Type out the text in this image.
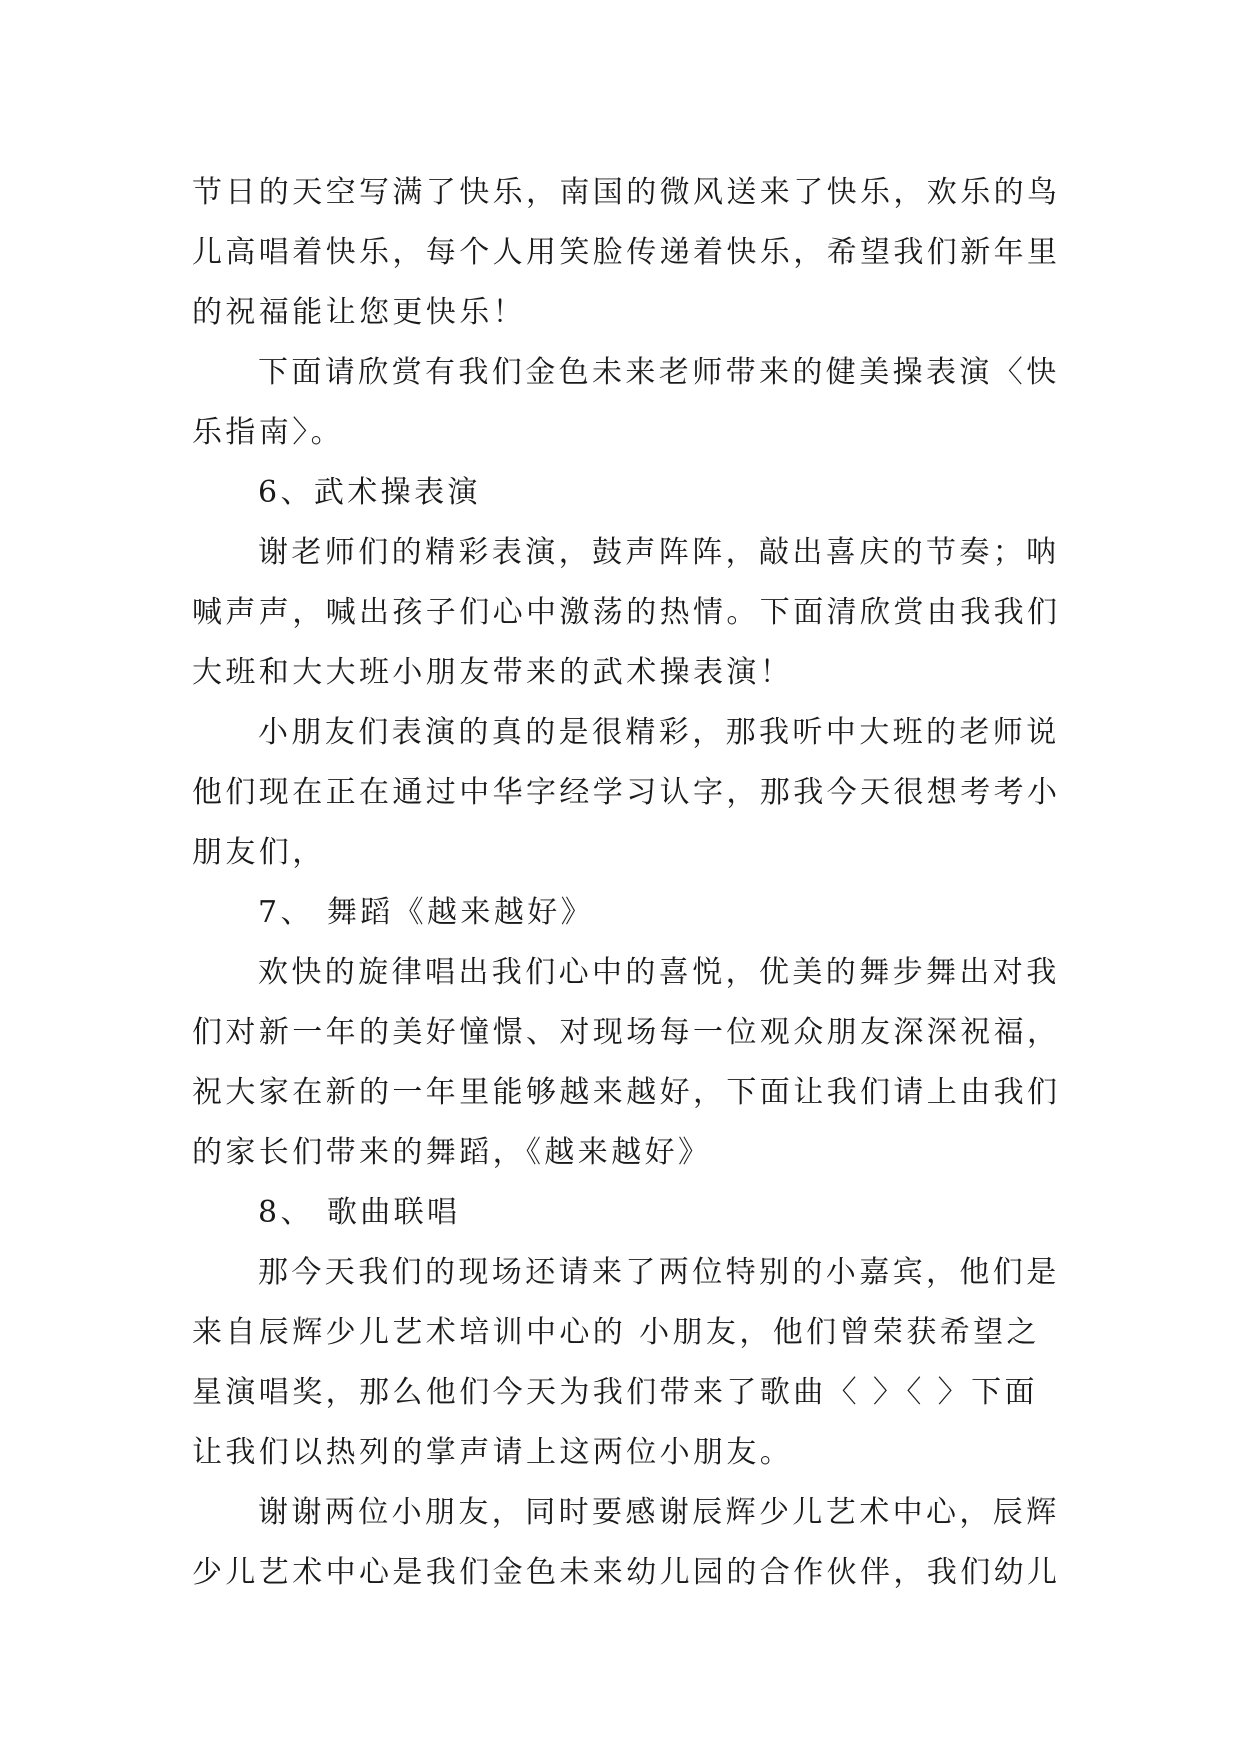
节日的天空写满了快乐，南国的微风送来了快乐，欢乐的鸟
儿高唱着快乐，每个人用笑脸传递着快乐，希望我们新年里
的祝福能让您更快乐！
下面请欣赏有我们金色未来老师带来的健美操表演〈快
乐指南〉。
6、武术操表演
谢老师们的精彩表演，鼓声阵阵，敲出喜庆的节奏；呐
喊声声，喊出孩子们心中激荡的热情。下面清欣赏由我我们
大班和大大班小朋友带来的武术操表演！
小朋友们表演的真的是很精彩，那我听中大班的老师说
他们现在正在通过中华字经学习认字，那我今天很想考考小
朋友们，
7、 舞蹈《越来越好》
欢快的旋律唱出我们心中的喜悦，优美的舞步舞出对我
们对新一年的美好憧憬、对现场每一位观众朋友深深祝福，
祝大家在新的一年里能够越来越好，下面让我们请上由我们
的家长们带来的舞蹈，《越来越好》
8、 歌曲联唱
那今天我们的现场还请来了两位特别的小嘉宾，他们是
来自辰辉少儿艺术培训中心的 小朋友，他们曾荣获希望之
星演唱奖，那么他们今天为我们带来了歌曲〈 〉〈 〉下面
让我们以热列的掌声请上这两位小朋友。
谢谢两位小朋友，同时要感谢辰辉少儿艺术中心，辰辉
少儿艺术中心是我们金色未来幼儿园的合作伙伴，我们幼儿
